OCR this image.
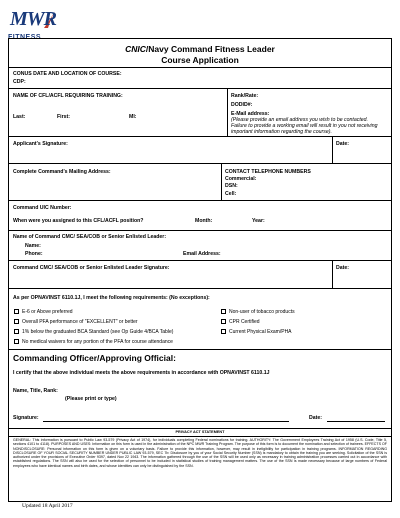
MWR
FITNESS
CNIC/Navy Command Fitness Leader
Course Application
CONUS DATE AND LOCATION OF COURSE:
CDP:
NAME OF CFL/ACFL REQUIRING TRAINING:
Last:	First:	MI:
Rank/Rate:
DODID#:
E-Mail address:
(Please provide an email address you wish to be contacted.
Failure to provide a working email will result in you not receiving
important information regarding the course).
Applicant's Signature:	Date:
Complete Command's Mailing Address:	CONTACT TELEPHONE NUMBERS
Commercial:
DSN:
Cell:
Command UIC Number:
When were you assigned to this CFL/ACFL position?	Month:	Year:
Name of Command CMC/ SEA/COB or Senior Enlisted Leader:
Name:
Phone:	Email Address:
Command CMC/ SEA/COB or Senior Enlisted Leader Signature:	Date:
As per OPNAVINST 6110.1J, I meet the following requirements: (No exceptions):
E-6 or Above preferred	Non-user of tobacco products
Overall PFA performance of "EXCELLENT" or better	CPR Certified
1% below the graduated BCA Standard (see Op Guide 4/BCA Table)	Current Physical Exam/PHA
No medical waivers for any portion of the PFA for course attendance
Commanding Officer/Approving Official:
I certify that the above individual meets the above requirements in accordance with OPNAVINST 6110.1J
Name, Title, Rank:
(Please print or type)
Signature:	Date:
PRIVACY ACT STATEMENT
GENERAL: This information is pursuant to Public Law 93-579 (Privacy Act of 1974), for individuals completing Federal nominations for training. AUTHORITY: The Government Employees Training Act of 1958 (U.S. Code, Title 5, sections 4101 to 4118). PURPOSES AND USES: Information on this form is used in the administration of the NPC MWR Training Program. The purpose of this form is to document the nomination and selection of trainees. EFFECTS OF NONDISCLOSURE: Personal information on this form is given on a voluntary basis. Failure to provide this information, however, may result in ineligibility for participation in training programs. INFORMATION REGARDING DISCLOSURE OF YOUR SOCIAL SECURITY NUMBER UNDER PUBLIC LAW 93-579, SEC 7b: Disclosure by you of your Social Security Number (SSN) is mandatory to obtain the training you are seeking. Solicitation of the SSN is authorized under the provisions of Executive Order 9397, dated Nov 22 1943. The information gathered through the use of the SSN will be used only as necessary in training administration processes carried out in accordance with established regulations. The SSN will also be used for the selection of personnel to be included in statistical studies of training management matters. The use of the SSN is made necessary because of large numbers of Federal employees who have identical names and birth dates, and whose identities can only be distinguished by the SSN.
Updated 18 April 2017
